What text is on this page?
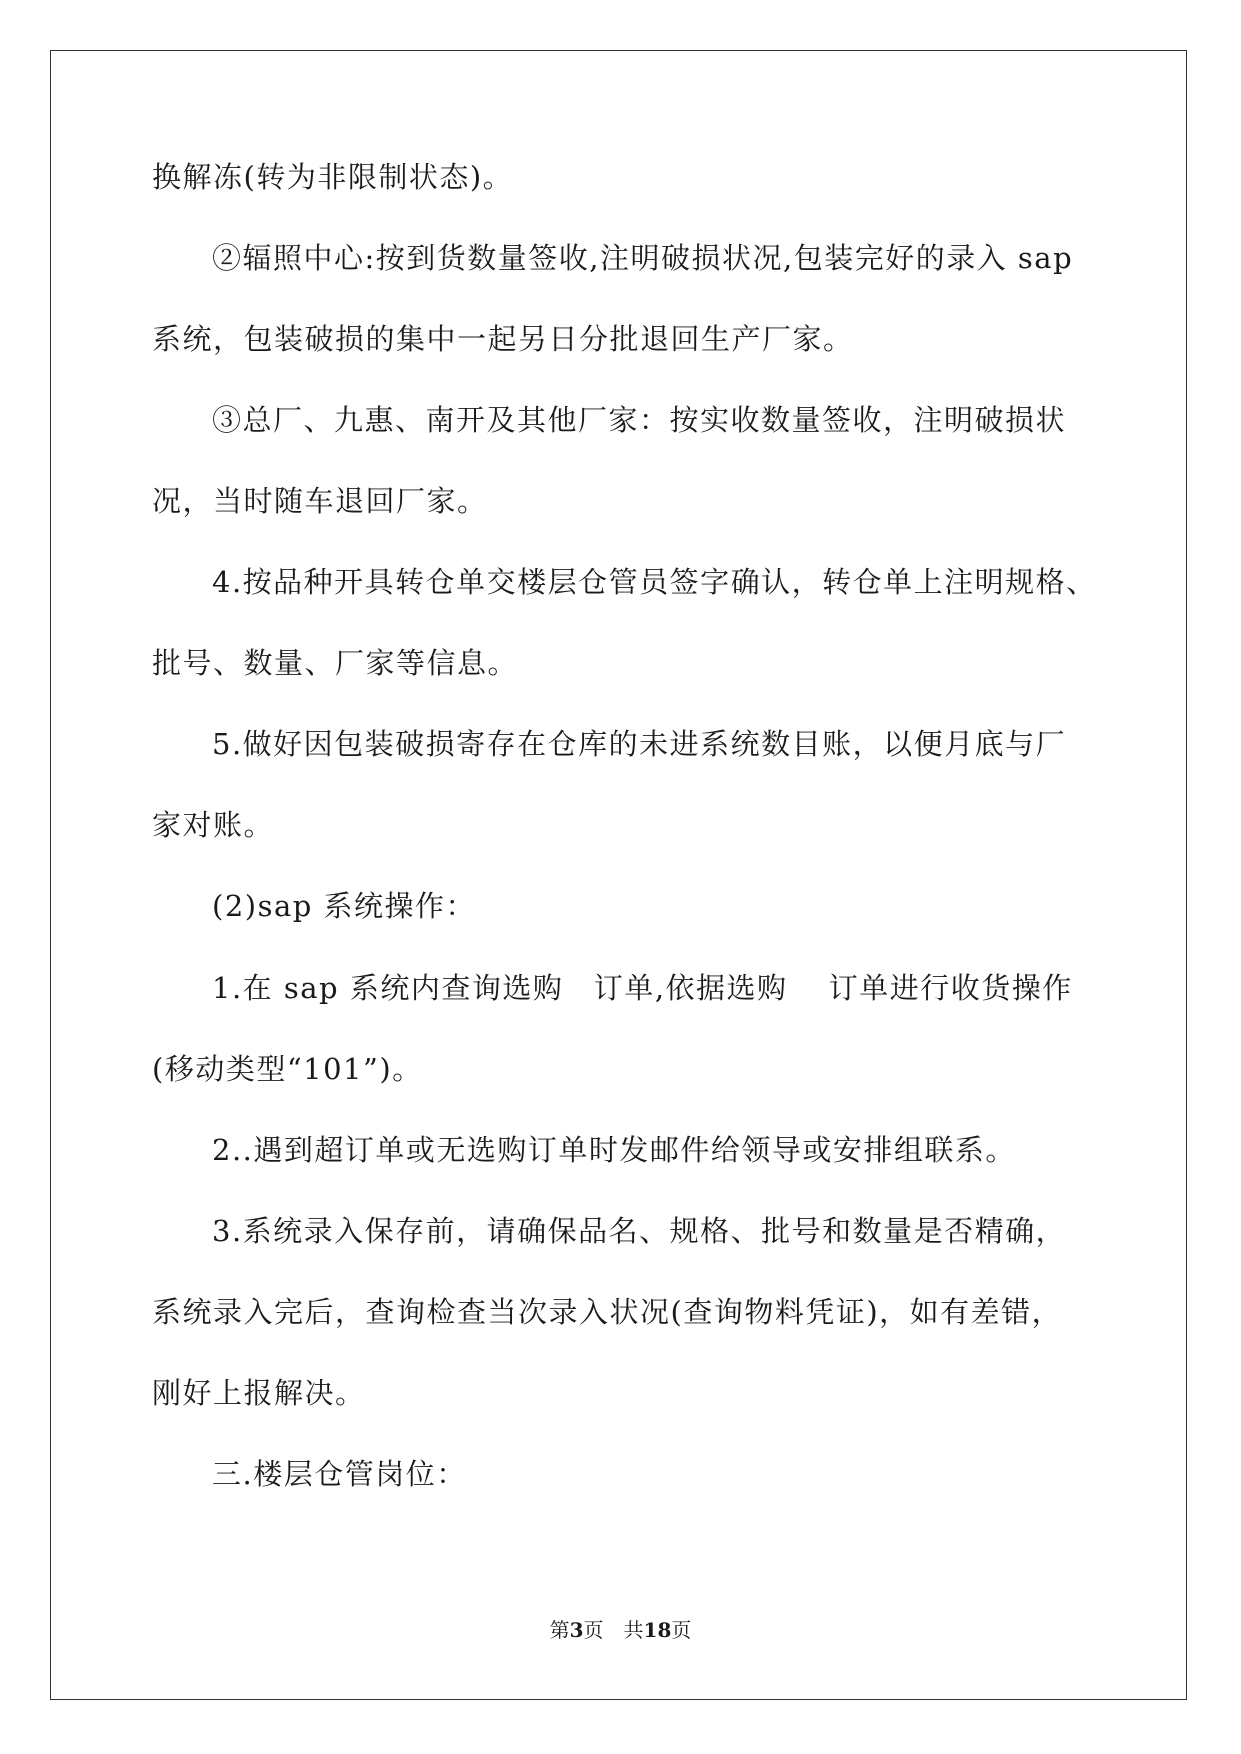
换解冻(转为非限制状态)。
②辐照中心:按到货数量签收,注明破损状况,包装完好的录入 sap
系统，包装破损的集中一起另日分批退回生产厂家。
③总厂、九惠、南开及其他厂家：按实收数量签收，注明破损状
况，当时随车退回厂家。
4.按品种开具转仓单交楼层仓管员签字确认，转仓单上注明规格、
批号、数量、厂家等信息。
5.做好因包装破损寄存在仓库的未进系统数目账，以便月底与厂
家对账。
(2)sap 系统操作：
1.在 sap 系统内查询选购　订单,依据选购　 订单进行收货操作
(移动类型“101”)。
2..遇到超订单或无选购订单时发邮件给领导或安排组联系。
3.系统录入保存前，请确保品名、规格、批号和数量是否精确，
系统录入完后，查询检查当次录入状况(查询物料凭证)，如有差错，
刚好上报解决。
三.楼层仓管岗位：
第3页　共18页
